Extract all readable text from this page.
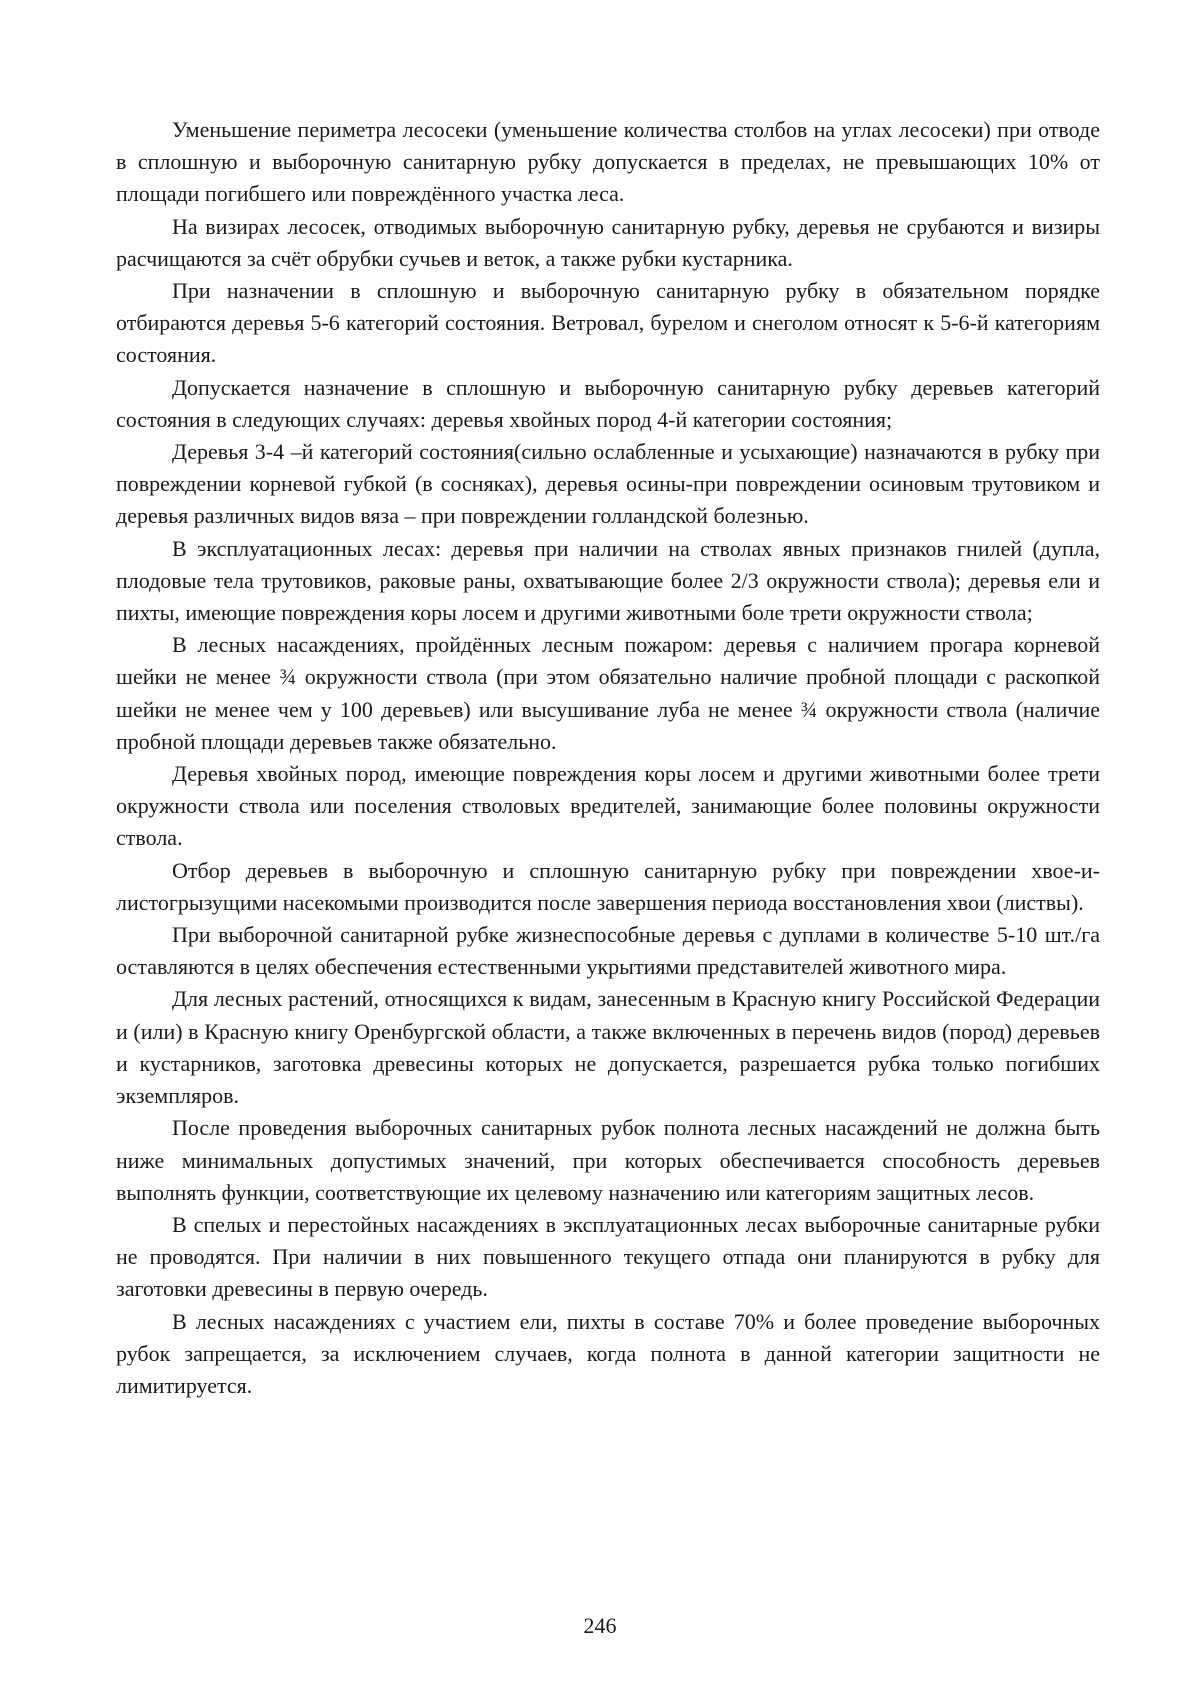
Уменьшение периметра лесосеки (уменьшение количества столбов на углах лесосеки) при отводе в сплошную и выборочную санитарную рубку допускается в пределах, не превышающих 10% от площади погибшего или повреждённого участка леса.

На визирах лесосек, отводимых выборочную санитарную рубку, деревья не срубаются и визиры расчищаются за счёт обрубки сучьев и веток, а также рубки кустарника.

При назначении в сплошную и выборочную санитарную рубку в обязательном порядке отбираются деревья 5-6 категорий состояния. Ветровал, бурелом и снеголом относят к 5-6-й категориям состояния.

Допускается назначение в сплошную и выборочную санитарную рубку деревьев категорий состояния в следующих случаях: деревья хвойных пород 4-й категории состояния;

Деревья 3-4 –й категорий состояния(сильно ослабленные и усыхающие) назначаются в рубку при повреждении корневой губкой (в сосняках), деревья осины-при повреждении осиновым трутовиком и деревья различных видов вяза – при повреждении голландской болезнью.

В эксплуатационных лесах: деревья при наличии на стволах явных признаков гнилей (дупла, плодовые тела трутовиков, раковые раны, охватывающие более 2/3 окружности ствола); деревья ели и пихты, имеющие повреждения коры лосем и другими животными боле трети окружности ствола;

В лесных насаждениях, пройдённых лесным пожаром: деревья с наличием прогара корневой шейки не менее ¾ окружности ствола (при этом обязательно наличие пробной площади с раскопкой шейки не менее чем у 100 деревьев) или высушивание луба не менее ¾ окружности ствола (наличие пробной площади деревьев также обязательно.

Деревья хвойных пород, имеющие повреждения коры лосем и другими животными более трети окружности ствола или поселения стволовых вредителей, занимающие более половины окружности ствола.

Отбор деревьев в выборочную и сплошную санитарную рубку при повреждении хвое-и-листогрызущими насекомыми производится после завершения периода восстановления хвои (листвы).

При выборочной санитарной рубке жизнеспособные деревья с дуплами в количестве 5-10 шт./га оставляются в целях обеспечения естественными укрытиями представителей животного мира.

Для лесных растений, относящихся к видам, занесенным в Красную книгу Российской Федерации и (или) в Красную книгу Оренбургской области, а также включенных в перечень видов (пород) деревьев и кустарников, заготовка древесины которых не допускается, разрешается рубка только погибших экземпляров.

После проведения выборочных санитарных рубок полнота лесных насаждений не должна быть ниже минимальных допустимых значений, при которых обеспечивается способность деревьев выполнять функции, соответствующие их целевому назначению или категориям защитных лесов.

В спелых и перестойных насаждениях в эксплуатационных лесах выборочные санитарные рубки не проводятся. При наличии в них повышенного текущего отпада они планируются в рубку для заготовки древесины в первую очередь.

В лесных насаждениях с участием ели, пихты в составе 70% и более проведение выборочных рубок запрещается, за исключением случаев, когда полнота в данной категории защитности не лимитируется.

246
